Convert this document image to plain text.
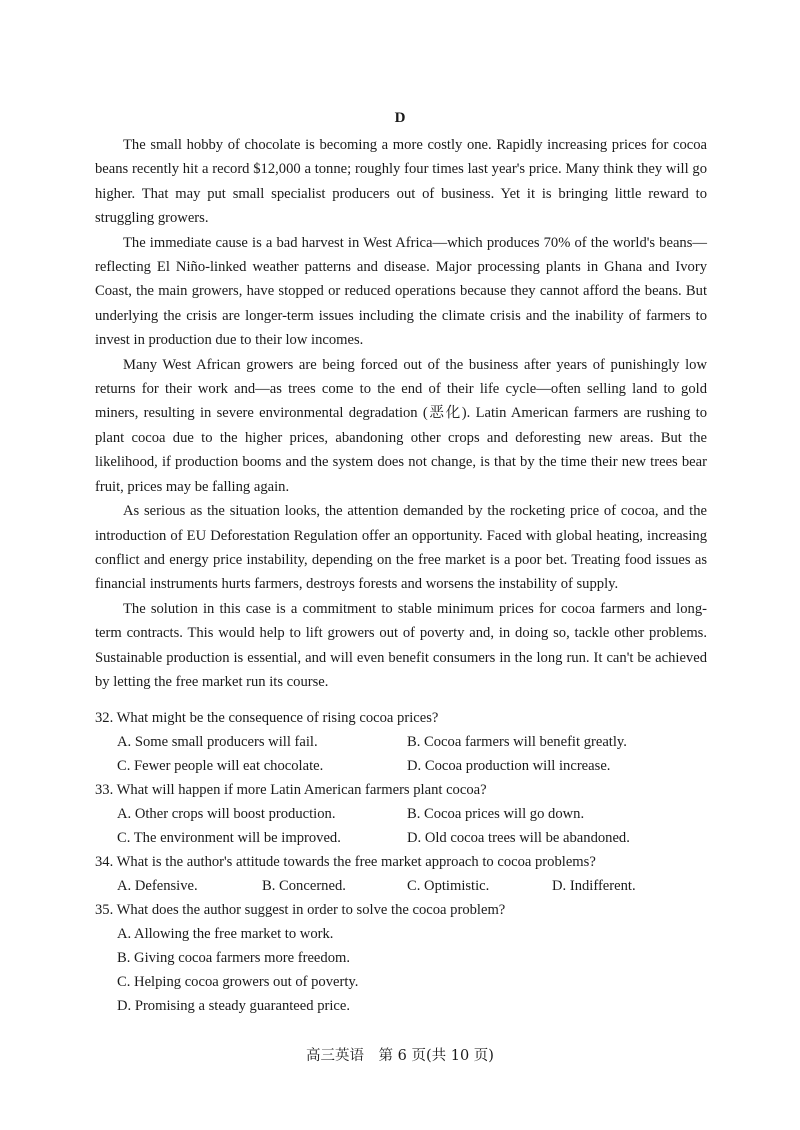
D

The small hobby of chocolate is becoming a more costly one. Rapidly increasing prices for cocoa beans recently hit a record $12,000 a tonne; roughly four times last year's price. Many think they will go higher. That may put small specialist producers out of business. Yet it is bringing little reward to struggling growers.

The immediate cause is a bad harvest in West Africa—which produces 70% of the world's beans—reflecting El Niño-linked weather patterns and disease. Major processing plants in Ghana and Ivory Coast, the main growers, have stopped or reduced operations because they cannot afford the beans. But underlying the crisis are longer-term issues including the climate crisis and the inability of farmers to invest in production due to their low incomes.

Many West African growers are being forced out of the business after years of punishingly low returns for their work and—as trees come to the end of their life cycle—often selling land to gold miners, resulting in severe environmental degradation (恶化). Latin American farmers are rushing to plant cocoa due to the higher prices, abandoning other crops and deforesting new areas. But the likelihood, if production booms and the system does not change, is that by the time their new trees bear fruit, prices may be falling again.

As serious as the situation looks, the attention demanded by the rocketing price of cocoa, and the introduction of EU Deforestation Regulation offer an opportunity. Faced with global heating, increasing conflict and energy price instability, depending on the free market is a poor bet. Treating food issues as financial instruments hurts farmers, destroys forests and worsens the instability of supply.

The solution in this case is a commitment to stable minimum prices for cocoa farmers and long-term contracts. This would help to lift growers out of poverty and, in doing so, tackle other problems. Sustainable production is essential, and will even benefit consumers in the long run. It can't be achieved by letting the free market run its course.

32. What might be the consequence of rising cocoa prices?

A. Some small producers will fail.	B. Cocoa farmers will benefit greatly.
C. Fewer people will eat chocolate.	D. Cocoa production will increase.

33. What will happen if more Latin American farmers plant cocoa?

A. Other crops will boost production.	B. Cocoa prices will go down.
C. The environment will be improved.	D. Old cocoa trees will be abandoned.

34. What is the author's attitude towards the free market approach to cocoa problems?

A. Defensive.	B. Concerned.	C. Optimistic.	D. Indifferent.

35. What does the author suggest in order to solve the cocoa problem?

A. Allowing the free market to work.
B. Giving cocoa farmers more freedom.
C. Helping cocoa growers out of poverty.
D. Promising a steady guaranteed price.
高三英语　第 6 页(共 10 页)
